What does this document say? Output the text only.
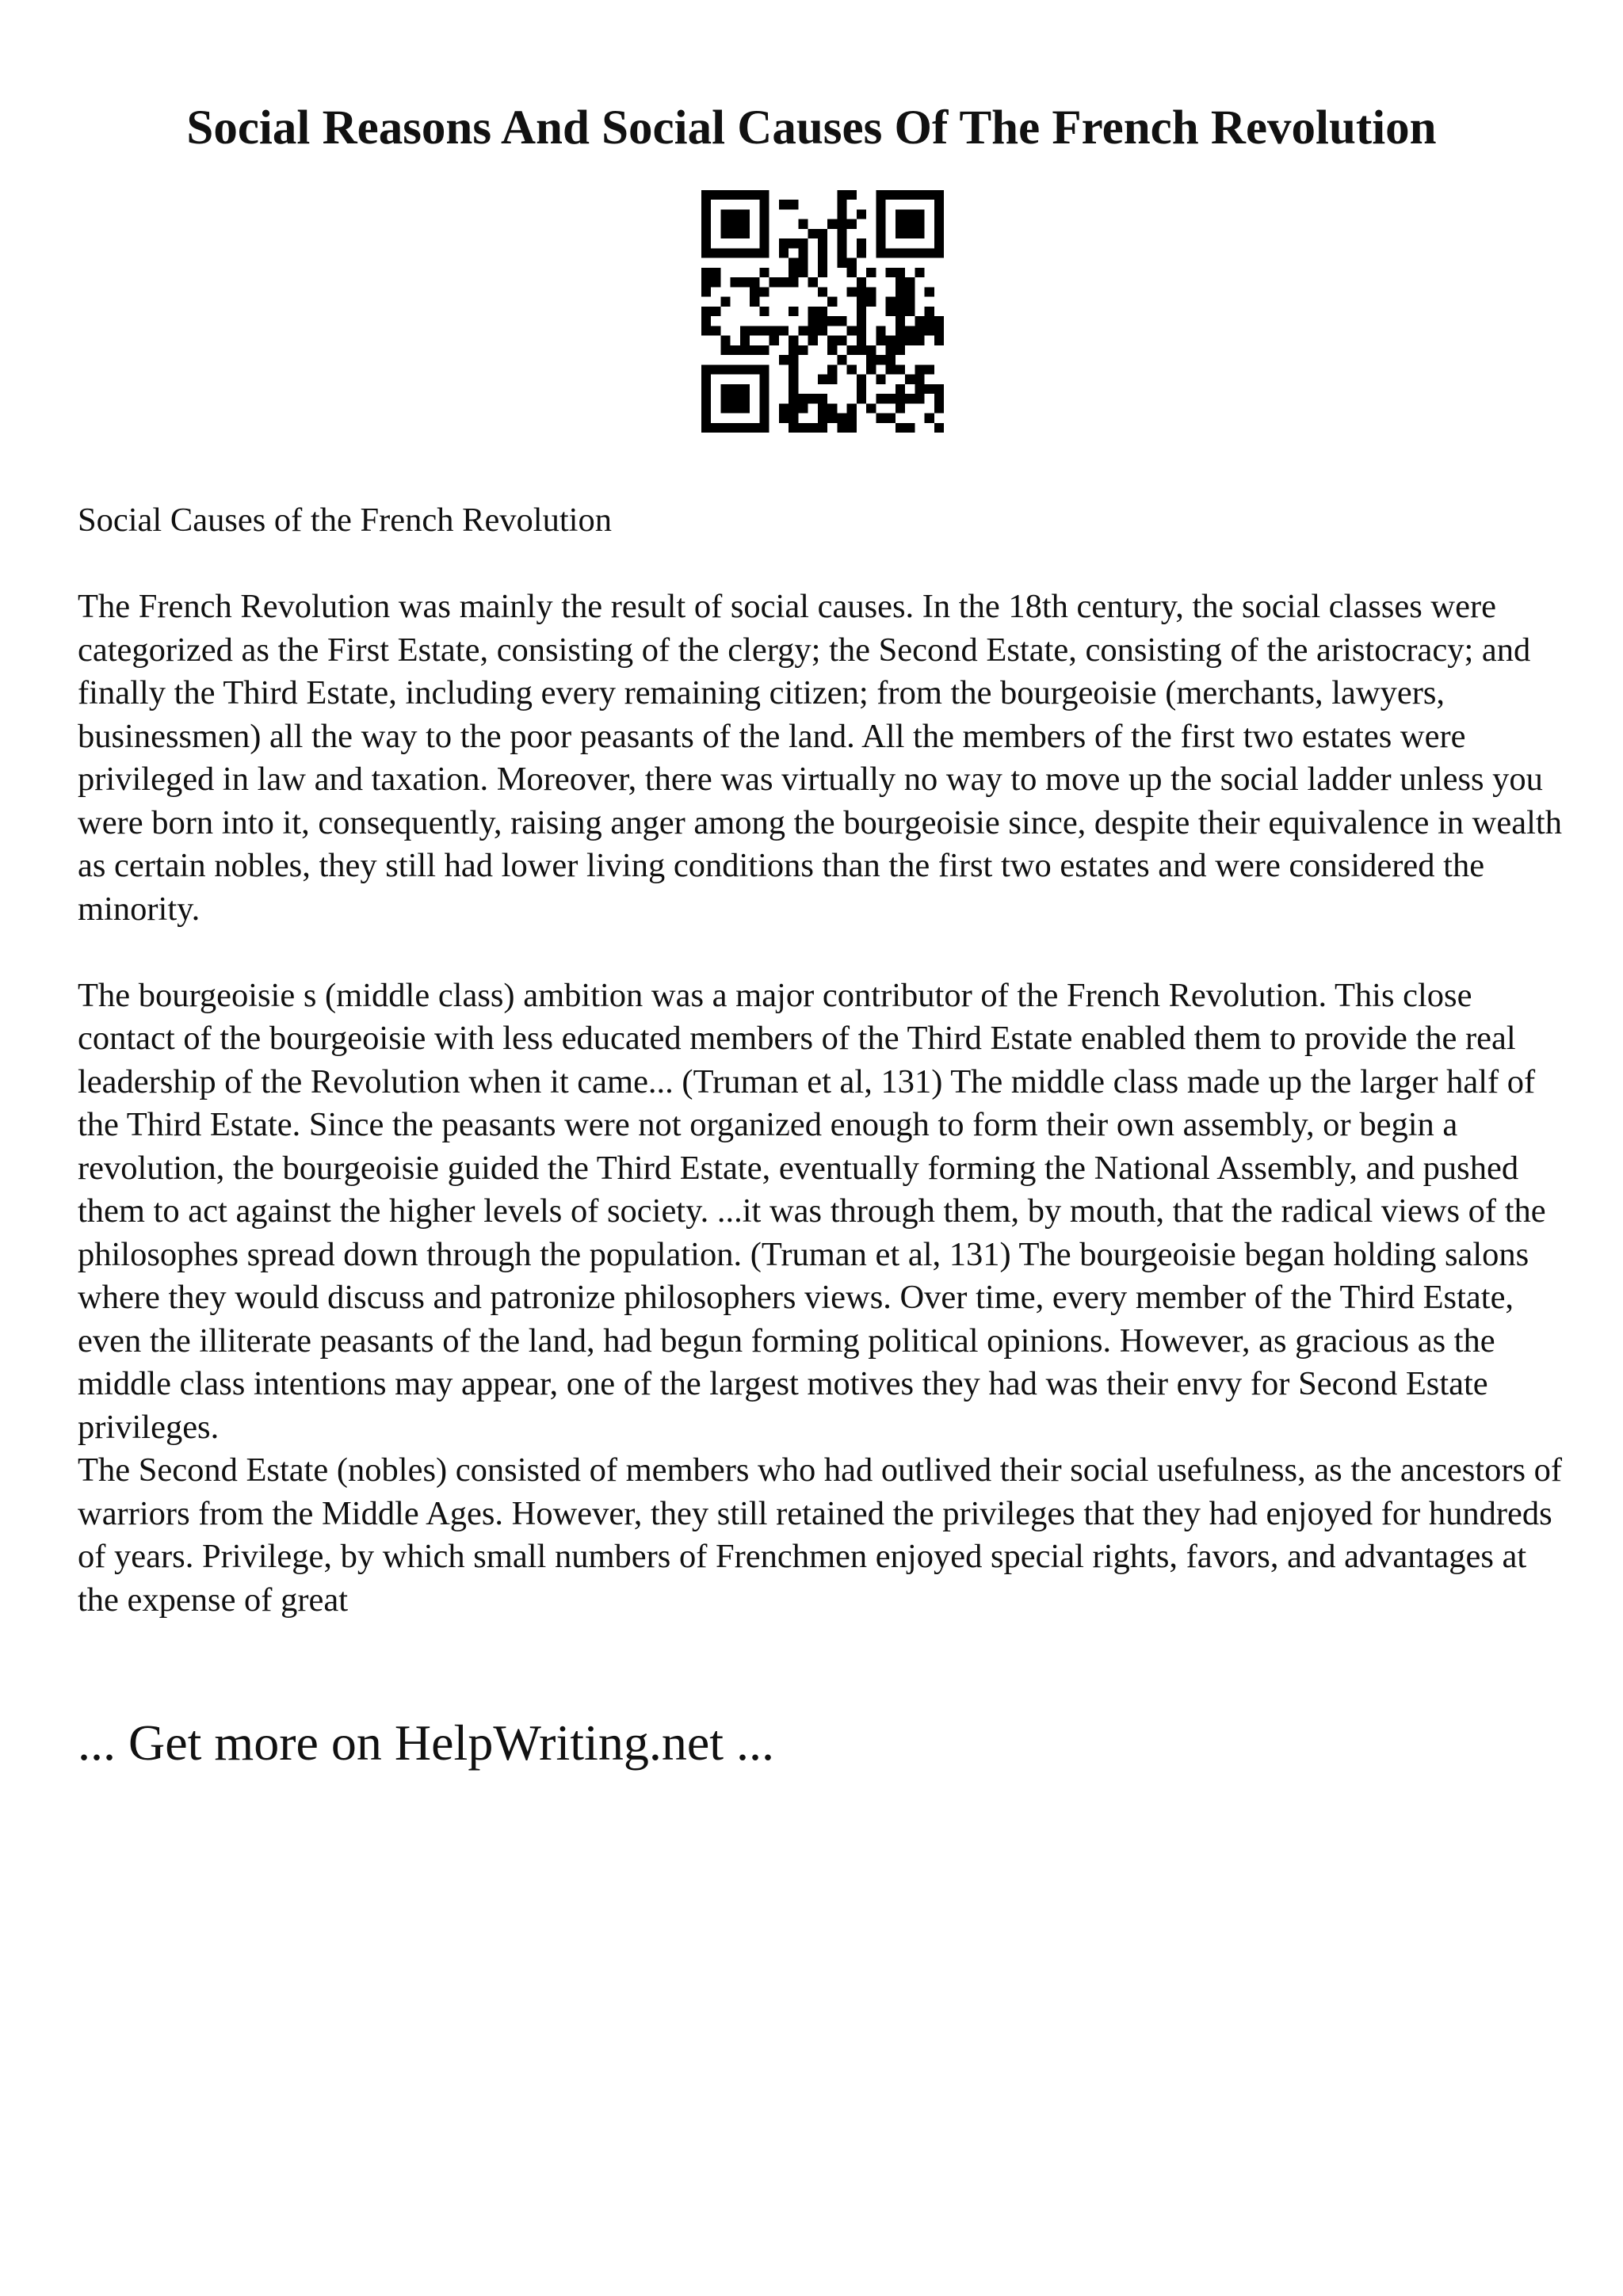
Social Reasons And Social Causes Of The French Revolution

Social Causes of the French Revolution

The French Revolution was mainly the result of social causes. In the 18th century, the social classes were categorized as the First Estate, consisting of the clergy; the Second Estate, consisting of the aristocracy; and finally the Third Estate, including every remaining citizen; from the bourgeoisie (merchants, lawyers, businessmen) all the way to the poor peasants of the land. All the members of the first two estates were privileged in law and taxation. Moreover, there was virtually no way to move up the social ladder unless you were born into it, consequently, raising anger among the bourgeoisie since, despite their equivalence in wealth as certain nobles, they still had lower living conditions than the first two estates and were considered the minority.

The bourgeoisie s (middle class) ambition was a major contributor of the French Revolution. This close contact of the bourgeoisie with less educated members of the Third Estate enabled them to provide the real leadership of the Revolution when it came... (Truman et al, 131) The middle class made up the larger half of the Third Estate. Since the peasants were not organized enough to form their own assembly, or begin a revolution, the bourgeoisie guided the Third Estate, eventually forming the National Assembly, and pushed them to act against the higher levels of society. ...it was through them, by mouth, that the radical views of the philosophes spread down through the population. (Truman et al, 131) The bourgeoisie began holding salons where they would discuss and patronize philosophers views. Over time, every member of the Third Estate, even the illiterate peasants of the land, had begun forming political opinions. However, as gracious as the middle class intentions may appear, one of the largest motives they had was their envy for Second Estate privileges.

The Second Estate (nobles) consisted of members who had outlived their social usefulness, as the ancestors of warriors from the Middle Ages. However, they still retained the privileges that they had enjoyed for hundreds of years. Privilege, by which small numbers of Frenchmen enjoyed special rights, favors, and advantages at the expense of great

... Get more on HelpWriting.net ...
